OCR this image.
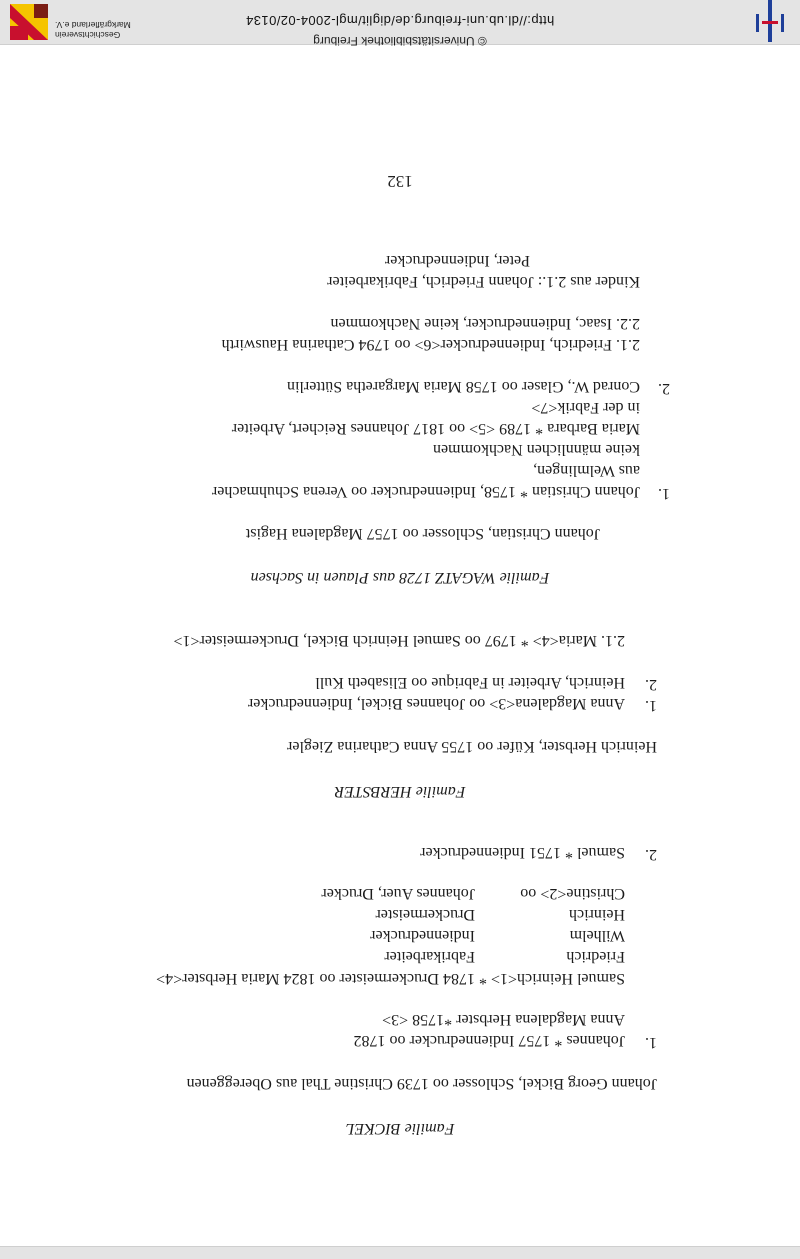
Familie BICKEL
Johann Georg Bickel, Schlosser oo 1739 Christine Thal aus Obereggenen
1.
Johannes * 1757 Indiennedrucker oo 1782
Anna Magdalena Herbster *1758 <3>
Samuel Heinrich<1> * 1784 Druckermeister oo 1824 Maria Herbster<4>
Friedrich
Fabrikarbeiter
Wilhelm
Indiennedrucker
Heinrich
Druckermeister
Christine<2> oo
Johannes Auer, Drucker
2.
Samuel * 1751 Indiennedrucker
Familie HERBSTER
Heinrich Herbster, Küfer oo 1755 Anna Catharina Ziegler
1.
Anna Magdalena<3> oo Johannes Bickel, Indiennedrucker
2.
Heinrich, Arbeiter in Fabrique oo Elisabeth Kull
2.1. Maria<4> * 1797 oo Samuel Heinrich Bickel, Druckermeister<1>
Familie WAGATZ 1728 aus Plauen in Sachsen
Johann Christian, Schlosser oo 1757 Magdalena Hagist
1.
Johann Christian * 1758, Indiennedrucker oo Verena Schuhmacher
aus Welmlingen,
keine männlichen Nachkommen
Maria Barbara * 1789 <5> oo 1817 Johannes Reichert, Arbeiter
in der Fabrik<7>
2.
Conrad W., Glaser oo 1758 Maria Margaretha Sütterlin
2.1. Friedrich, Indiennedrucker<6> oo 1794 Catharina Hauswirth
2.2. Isaac, Indiennedrucker, keine Nachkommen
Kinder aus 2.1.: Johann Friedrich, Fabrikarbeiter
Peter, Indiennedrucker
132
http://dl.ub.uni-freiburg.de/diglit/mgl-2004-02/0134
© Universitätsbibliothek Freiburg
Geschichtsverein
Markgräflerland e.V.
